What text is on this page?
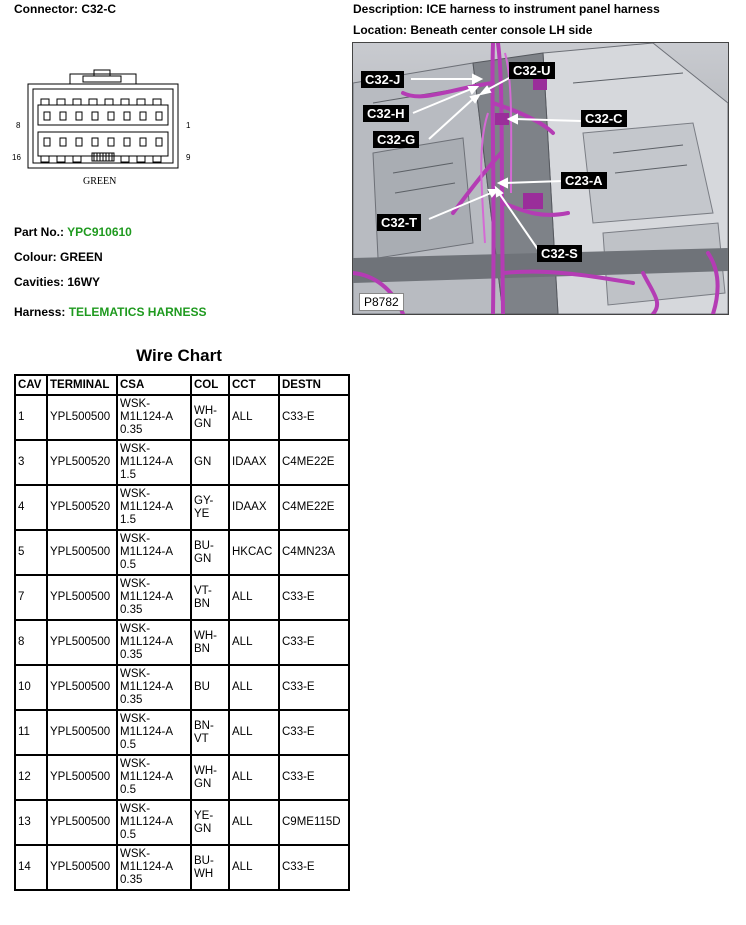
Connector: C32-C	Description: ICE harness to instrument panel harness
Location: Beneath center console LH side
8	1
16	9
GREEN
C32-J
C32-U
C32-H	C32-C
C32-G
C23-A
C32-T
C32-S
P8782
Part No.: YPC910610
Colour: GREEN
Cavities: 16WY
Harness: TELEMATICS HARNESS
Wire Chart
CAV	TERMINAL	CSA	COL	CCT	DESTN
1	YPL500500	WSK-
M1L124-A
0.35	WH-
GN	ALL	C33-E
3	YPL500520	WSK-
M1L124-A
1.5	GN	IDAAX	C4ME22E
4	YPL500520	WSK-
M1L124-A
1.5	GY-
YE	IDAAX	C4ME22E
5	YPL500500	WSK-
M1L124-A
0.5	BU-
GN	HKCAC	C4MN23A
7	YPL500500	WSK-
M1L124-A
0.35	VT-
BN	ALL	C33-E
8	YPL500500	WSK-
M1L124-A
0.35	WH-
BN	ALL	C33-E
10	YPL500500	WSK-
M1L124-A
0.35	BU	ALL	C33-E
11	YPL500500	WSK-
M1L124-A
0.5	BN-
VT	ALL	C33-E
12	YPL500500	WSK-
M1L124-A
0.5	WH-
GN	ALL	C33-E
13	YPL500500	WSK-
M1L124-A
0.5	YE-
GN	ALL	C9ME115D
14	YPL500500	WSK-
M1L124-A
0.35	BU-
WH	ALL	C33-E
